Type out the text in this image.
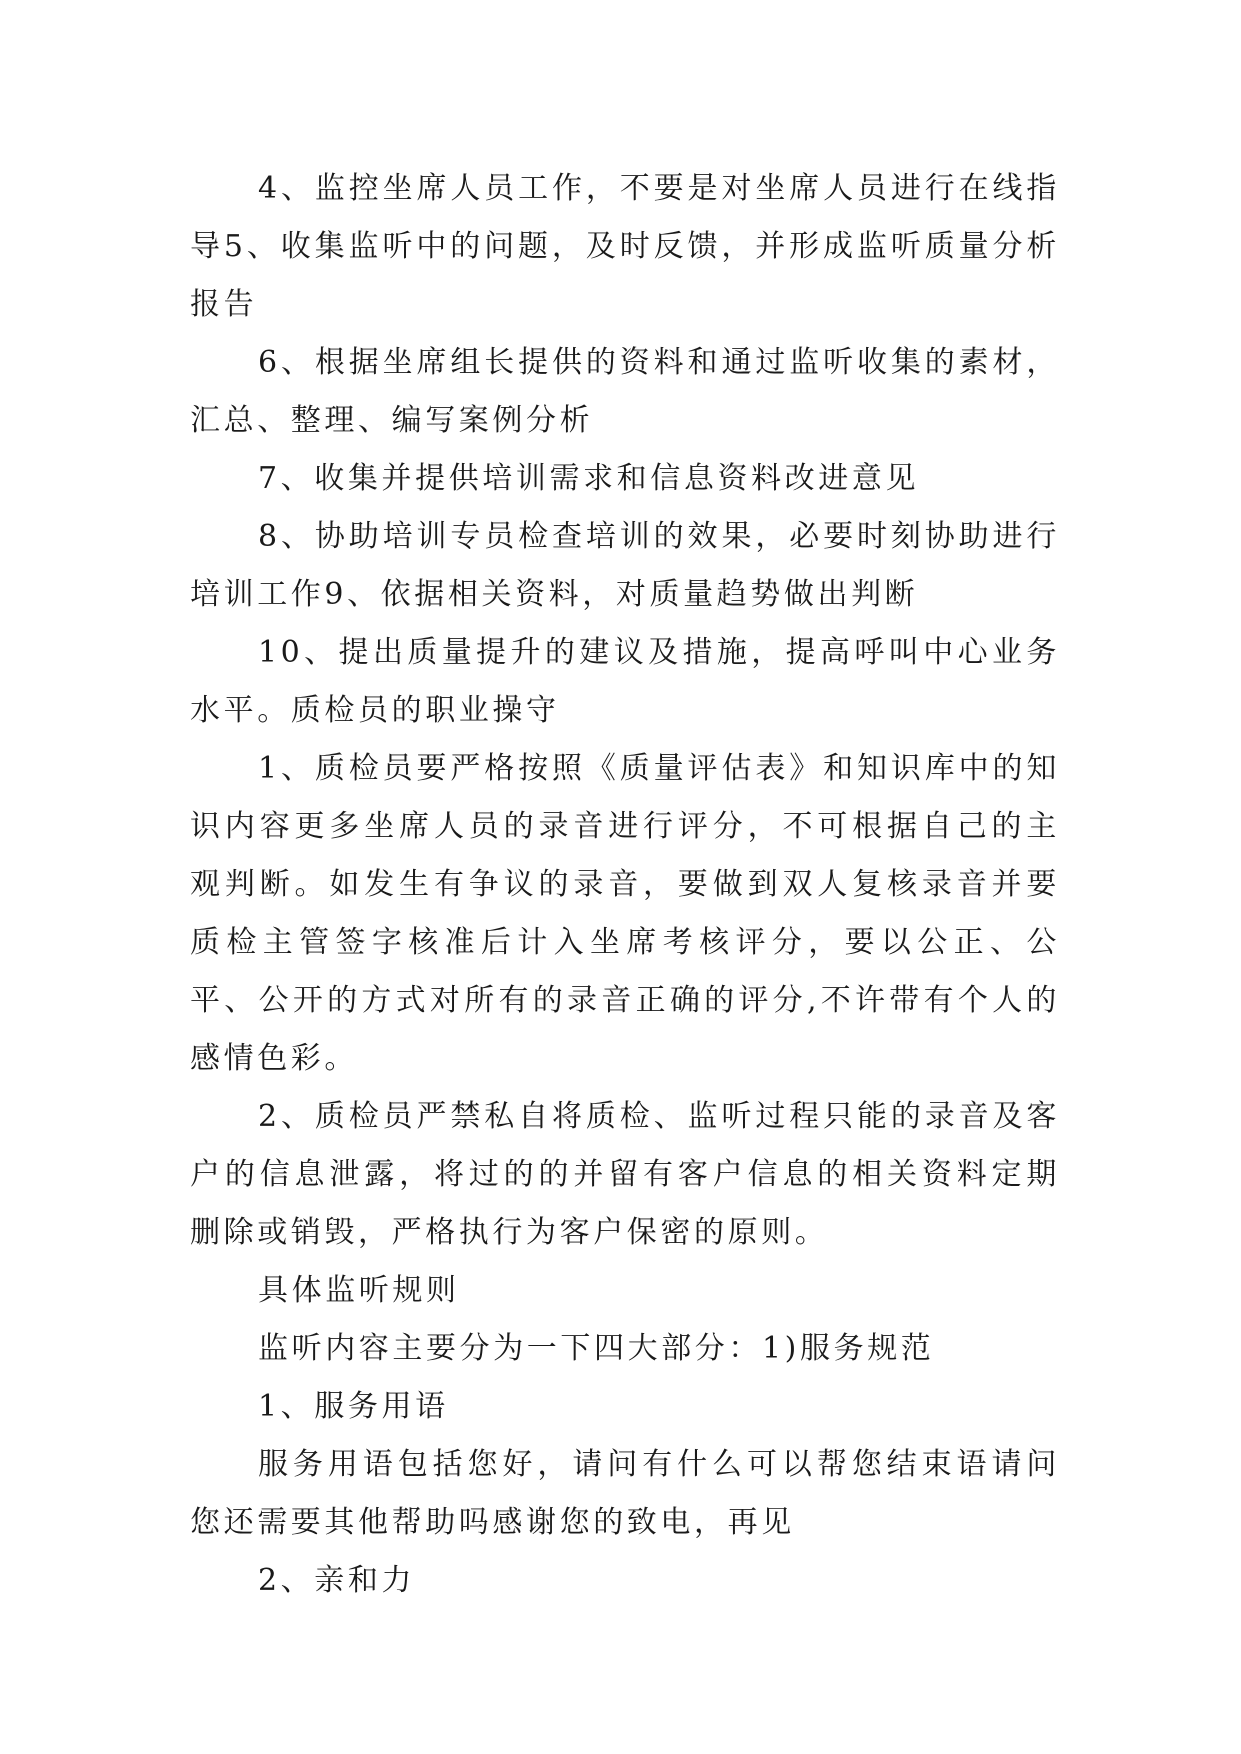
4、监控坐席人员工作，不要是对坐席人员进行在线指导5、收集监听中的问题，及时反馈，并形成监听质量分析报告

6、根据坐席组长提供的资料和通过监听收集的素材，汇总、整理、编写案例分析

7、收集并提供培训需求和信息资料改进意见

8、协助培训专员检查培训的效果，必要时刻协助进行培训工作9、依据相关资料，对质量趋势做出判断

10、提出质量提升的建议及措施，提高呼叫中心业务水平。质检员的职业操守

1、质检员要严格按照《质量评估表》和知识库中的知识内容更多坐席人员的录音进行评分，不可根据自己的主观判断。如发生有争议的录音，要做到双人复核录音并要质检主管签字核准后计入坐席考核评分，要以公正、公平、公开的方式对所有的录音正确的评分,不许带有个人的感情色彩。

2、质检员严禁私自将质检、监听过程只能的录音及客户的信息泄露，将过的的并留有客户信息的相关资料定期删除或销毁，严格执行为客户保密的原则。

具体监听规则

监听内容主要分为一下四大部分：1)服务规范

1、服务用语

服务用语包括您好，请问有什么可以帮您结束语请问您还需要其他帮助吗感谢您的致电，再见

2、亲和力
